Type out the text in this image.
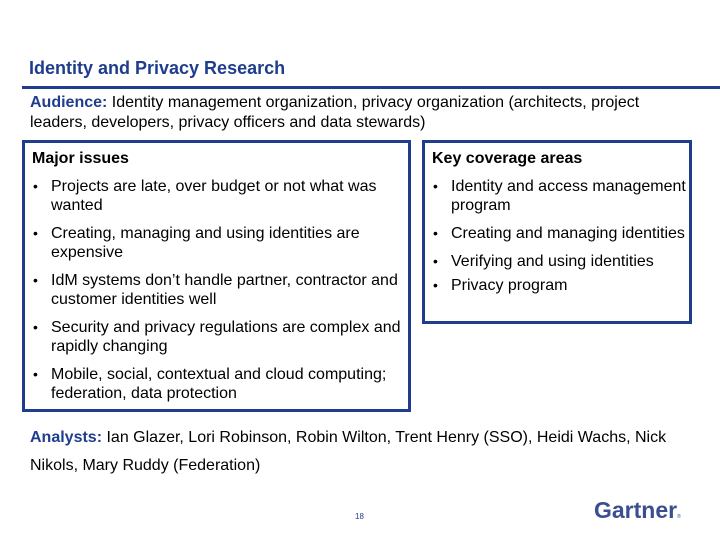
Identity and Privacy Research
Audience: Identity management organization, privacy organization (architects, project leaders, developers, privacy officers and data stewards)
Major issues
• Projects are late, over budget or not what was wanted
• Creating, managing and using identities are expensive
• IdM systems don’t handle partner, contractor and customer identities well
• Security and privacy regulations are complex and rapidly changing
• Mobile, social, contextual and cloud computing; federation, data protection
Key coverage areas
• Identity and access management program
• Creating and managing identities
• Verifying and using identities
• Privacy program
Analysts: Ian Glazer, Lori Robinson, Robin Wilton, Trent Henry (SSO), Heidi Wachs, Nick Nikols, Mary Ruddy (Federation)
18	Gartner®
